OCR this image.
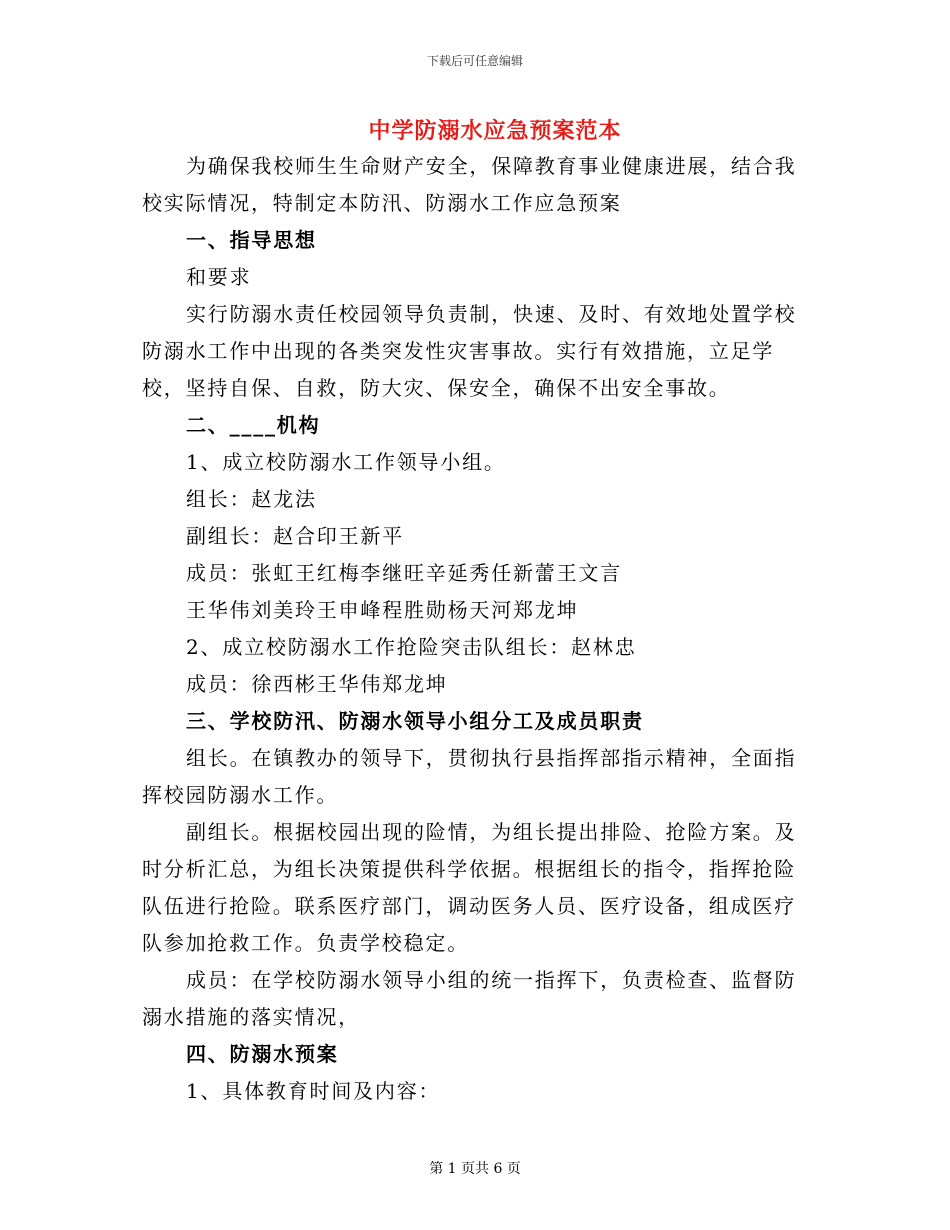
下载后可任意编辑
中学防溺水应急预案范本

为确保我校师生生命财产安全，保障教育事业健康进展，结合我校实际情况，特制定本防汛、防溺水工作应急预案

一、指导思想

和要求

实行防溺水责任校园领导负责制，快速、及时、有效地处置学校防溺水工作中出现的各类突发性灾害事故。实行有效措施，立足学校，坚持自保、自救，防大灾、保安全，确保不出安全事故。

二、____机构

1、成立校防溺水工作领导小组。

组长：赵龙法

副组长：赵合印王新平

成员：张虹王红梅李继旺辛延秀任新蕾王文言

王华伟刘美玲王申峰程胜勋杨天河郑龙坤

2、成立校防溺水工作抢险突击队组长：赵林忠

成员：徐西彬王华伟郑龙坤

三、学校防汛、防溺水领导小组分工及成员职责

组长。在镇教办的领导下，贯彻执行县指挥部指示精神，全面指挥校园防溺水工作。

副组长。根据校园出现的险情，为组长提出排险、抢险方案。及时分析汇总，为组长决策提供科学依据。根据组长的指令，指挥抢险队伍进行抢险。联系医疗部门，调动医务人员、医疗设备，组成医疗队参加抢救工作。负责学校稳定。

成员：在学校防溺水领导小组的统一指挥下，负责检查、监督防溺水措施的落实情况，

四、防溺水预案

1、具体教育时间及内容：

第 1 页共 6 页
